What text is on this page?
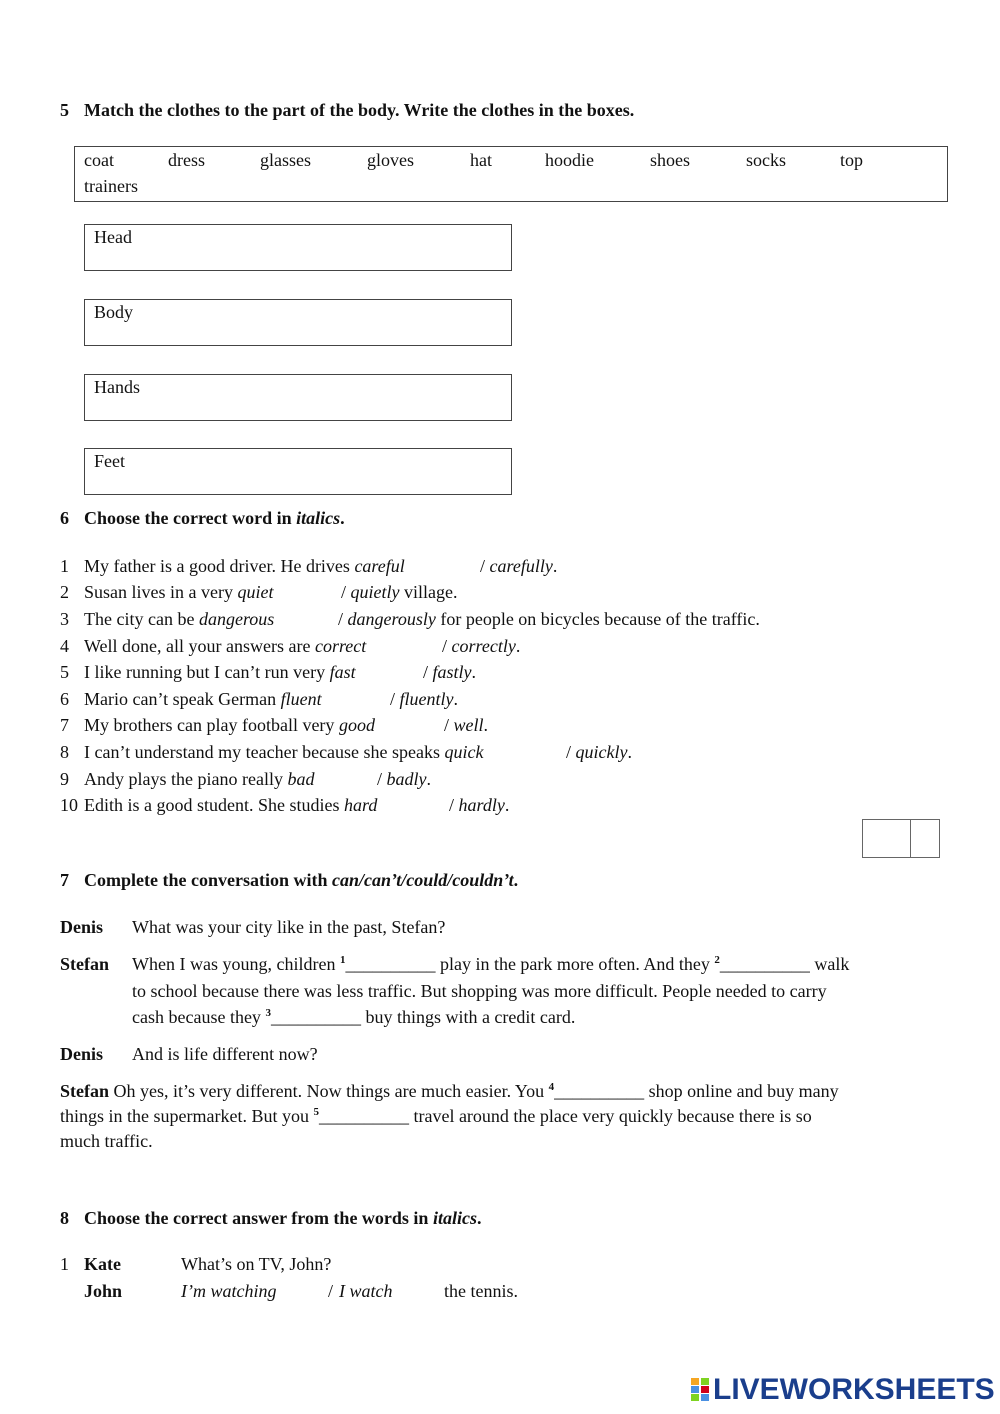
5 Match the clothes to the part of the body. Write the clothes in the boxes.
coat	dress	glasses	gloves	hat	hoodie	shoes	socks	top
trainers
Head
Body
Hands
Feet
6 Choose the correct word in italics.
1 My father is a good driver. He drives careful	/ carefully.
2 Susan lives in a very quiet	/ quietly village.
3 The city can be dangerous	/ dangerously for people on bicycles because of the traffic.
4 Well done, all your answers are correct	/ correctly.
5 I like running but I can’t run very fast	/ fastly.
6 Mario can’t speak German fluent	/ fluently.
7 My brothers can play football very good	/ well.
8 I can’t understand my teacher because she speaks quick	/ quickly.
9 Andy plays the piano really bad	/ badly.
10 Edith is a good student. She studies hard	/ hardly.
7 Complete the conversation with can/can’t/could/couldn’t.
Denis What was your city like in the past, Stefan?
Stefan When I was young, children $^1$__________ play in the park more often. And they $^2$__________ walk
to school because there was less traffic. But shopping was more difficult. People needed to carry
cash because they $^3$__________ buy things with a credit card.
Denis And is life different now?
Stefan Oh yes, it’s very different. Now things are much easier. You $^4$__________ shop online and buy many
things in the supermarket. But you $^5$__________ travel around the place very quickly because there is so
much traffic.
8 Choose the correct answer from the words in italics.
1 Kate	What’s on TV, John?
John	I’m watching	/ I watch	the tennis.
LIVEWORKSHEETS
